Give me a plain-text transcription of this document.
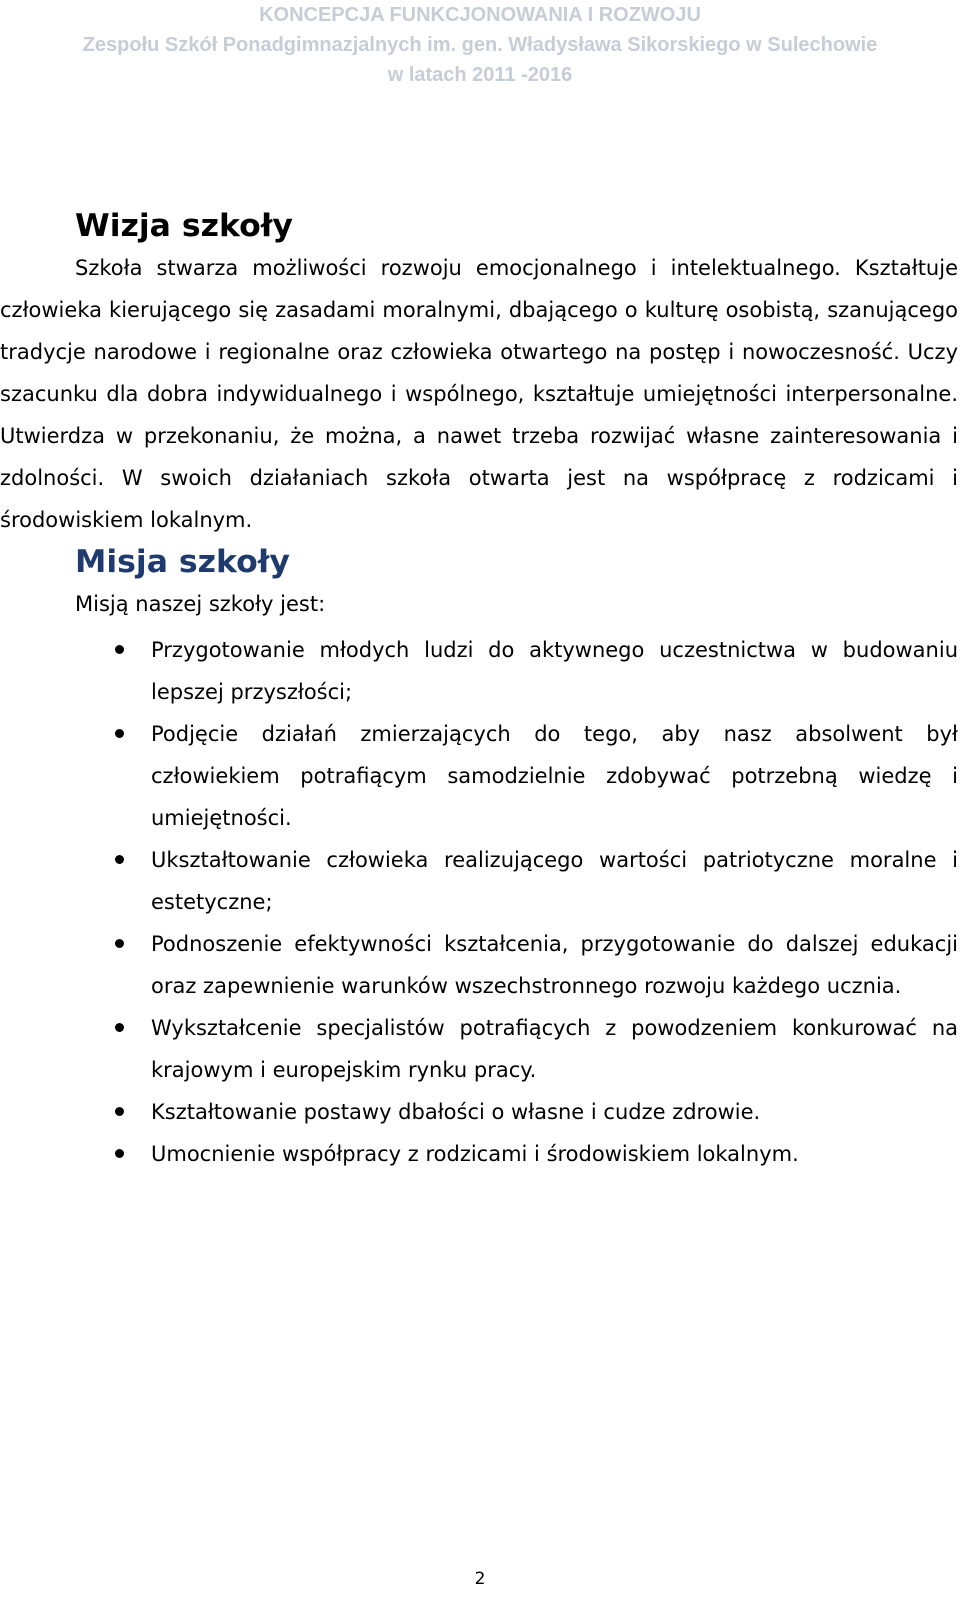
KONCEPCJA FUNKCJONOWANIA I ROZWOJU
Zespołu Szkół Ponadgimnazjalnych im. gen. Władysława Sikorskiego w Sulechowie
w latach 2011 -2016
Wizja szkoły

Szkoła stwarza możliwości rozwoju emocjonalnego i intelektualnego. Kształtuje człowieka kierującego się zasadami moralnymi, dbającego o kulturę osobistą, szanującego tradycje narodowe i regionalne oraz człowieka otwartego na postęp i nowoczesność. Uczy szacunku dla dobra indywidualnego i wspólnego, kształtuje umiejętności interpersonalne. Utwierdza w przekonaniu, że można, a nawet trzeba rozwijać własne zainteresowania i zdolności. W swoich działaniach szkoła otwarta jest na współpracę z rodzicami i środowiskiem lokalnym.

Misja szkoły

Misją naszej szkoły jest:

Przygotowanie młodych ludzi do aktywnego uczestnictwa w budowaniu lepszej przyszłości;
Podjęcie działań zmierzających do tego, aby nasz absolwent był człowiekiem potrafiącym samodzielnie zdobywać potrzebną wiedzę i umiejętności.
Ukształtowanie człowieka realizującego wartości patriotyczne moralne i estetyczne;
Podnoszenie efektywności kształcenia, przygotowanie do dalszej edukacji oraz zapewnienie warunków wszechstronnego rozwoju każdego ucznia.
Wykształcenie specjalistów potrafiących z powodzeniem konkurować na krajowym i europejskim rynku pracy.
Kształtowanie postawy dbałości o własne i cudze zdrowie.
Umocnienie współpracy z rodzicami i środowiskiem lokalnym.
2
